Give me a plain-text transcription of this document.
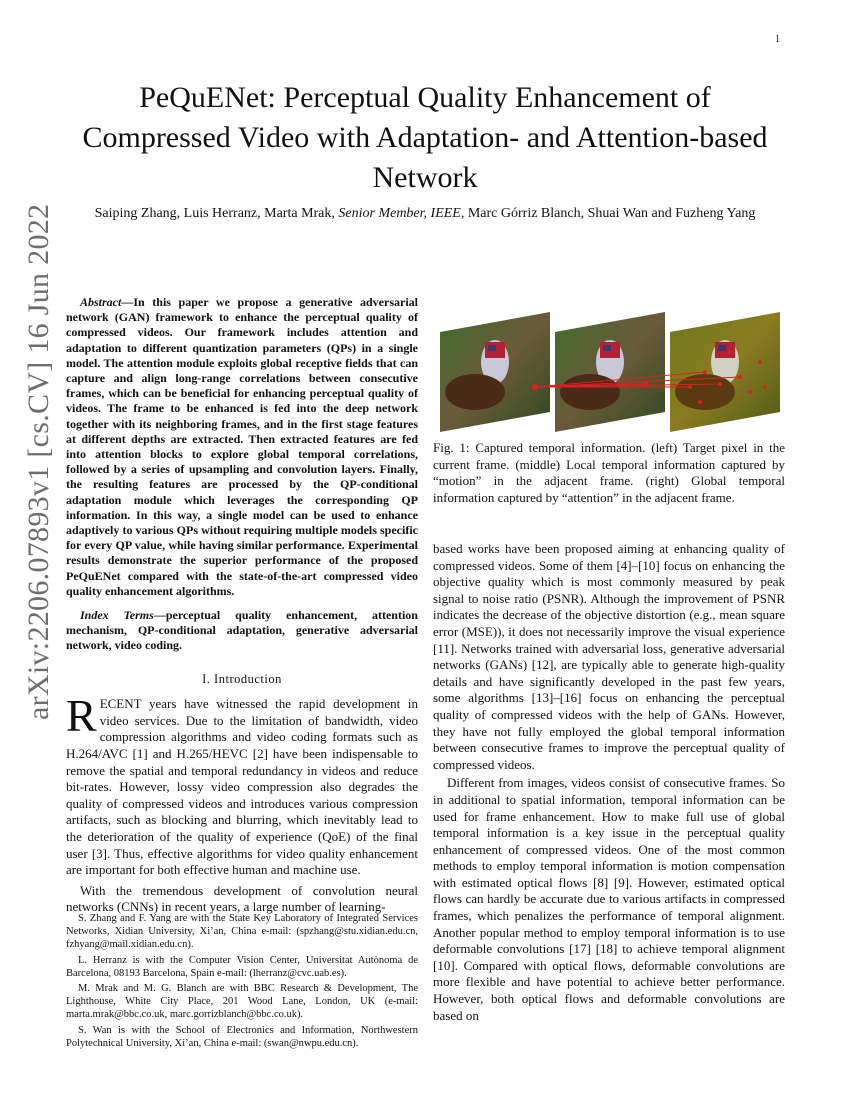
1
arXiv:2206.07893v1 [cs.CV] 16 Jun 2022
PeQuENet: Perceptual Quality Enhancement of Compressed Video with Adaptation- and Attention-based Network
Saiping Zhang, Luis Herranz, Marta Mrak, Senior Member, IEEE, Marc Górriz Blanch, Shuai Wan and Fuzheng Yang

Abstract—In this paper we propose a generative adversarial network (GAN) framework to enhance the perceptual quality of compressed videos. Our framework includes attention and adaptation to different quantization parameters (QPs) in a single model. The attention module exploits global receptive fields that can capture and align long-range correlations between consecutive frames, which can be beneficial for enhancing perceptual quality of videos. The frame to be enhanced is fed into the deep network together with its neighboring frames, and in the first stage features at different depths are extracted. Then extracted features are fed into attention blocks to explore global temporal correlations, followed by a series of upsampling and convolution layers. Finally, the resulting features are processed by the QP-conditional adaptation module which leverages the corresponding QP information. In this way, a single model can be used to enhance adaptively to various QPs without requiring multiple models specific for every QP value, while having similar performance. Experimental results demonstrate the superior performance of the proposed PeQuENet compared with the state-of-the-art compressed video quality enhancement algorithms.

Index Terms—perceptual quality enhancement, attention mechanism, QP-conditional adaptation, generative adversarial network, video coding.

I. Introduction

RECENT years have witnessed the rapid development in video services. Due to the limitation of bandwidth, video compression algorithms and video coding formats such as H.264/AVC [1] and H.265/HEVC [2] have been indispensable to remove the spatial and temporal redundancy in videos and reduce bit-rates. However, lossy video compression also degrades the quality of compressed videos and introduces various compression artifacts, such as blocking and blurring, which inevitably lead to the deterioration of the quality of experience (QoE) of the final user [3]. Thus, effective algorithms for video quality enhancement are important for both effective human and machine use.

With the tremendous development of convolution neural networks (CNNs) in recent years, a large number of learning-

S. Zhang and F. Yang are with the State Key Laboratory of Integrated Services Networks, Xidian University, Xi’an, China e-mail: (spzhang@stu.xidian.edu.cn, fzhyang@mail.xidian.edu.cn).

L. Herranz is with the Computer Vision Center, Universitat Autònoma de Barcelona, 08193 Barcelona, Spain e-mail: (lherranz@cvc.uab.es).

M. Mrak and M. G. Blanch are with BBC Research & Development, The Lighthouse, White City Place, 201 Wood Lane, London, UK (e-mail: marta.mrak@bbc.co.uk, marc.gorrizblanch@bbc.co.uk).

S. Wan is with the School of Electronics and Information, Northwestern Polytechnical University, Xi’an, China e-mail: (swan@nwpu.edu.cn).

Fig. 1: Captured temporal information. (left) Target pixel in the current frame. (middle) Local temporal information captured by “motion” in the adjacent frame. (right) Global temporal information captured by “attention” in the adjacent frame.

based works have been proposed aiming at enhancing quality of compressed videos. Some of them [4]–[10] focus on enhancing the objective quality which is most commonly measured by peak signal to noise ratio (PSNR). Although the improvement of PSNR indicates the decrease of the objective distortion (e.g., mean square error (MSE)), it does not necessarily improve the visual experience [11]. Networks trained with adversarial loss, generative adversarial networks (GANs) [12], are typically able to generate high-quality details and have significantly developed in the past few years, some algorithms [13]–[16] focus on enhancing the perceptual quality of compressed videos with the help of GANs. However, they have not fully employed the global temporal information between consecutive frames to improve the perceptual quality of compressed videos.

Different from images, videos consist of consecutive frames. So in additional to spatial information, temporal information can be used for frame enhancement. How to make full use of global temporal information is a key issue in the perceptual quality enhancement of compressed videos. One of the most common methods to employ temporal information is motion compensation with estimated optical flows [8] [9]. However, estimated optical flows can hardly be accurate due to various artifacts in compressed frames, which penalizes the performance of temporal alignment. Another popular method to employ temporal information is to use deformable convolutions [17] [18] to achieve temporal alignment [10]. Compared with optical flows, deformable convolutions are more flexible and have potential to achieve better performance. However, both optical flows and deformable convolutions are based on
